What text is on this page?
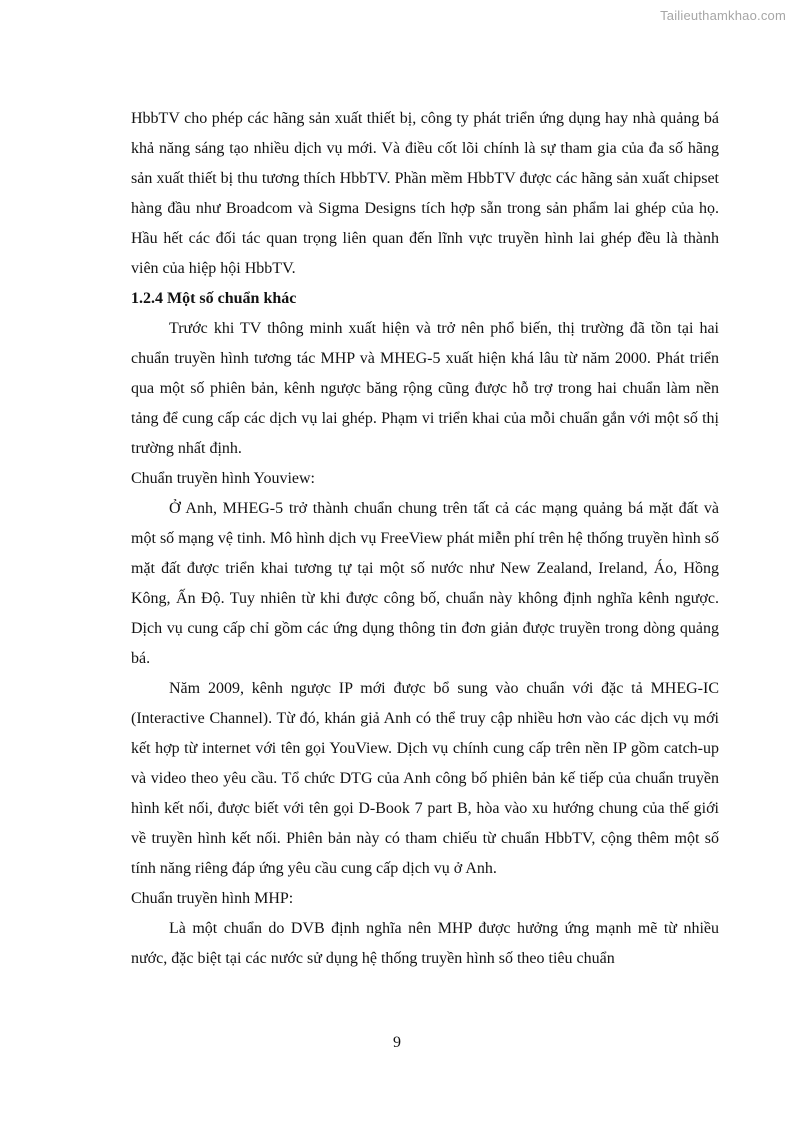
Tailieuthamkhao.com

HbbTV cho phép các hãng sản xuất thiết bị, công ty phát triển ứng dụng hay nhà quảng bá khả năng sáng tạo nhiều dịch vụ mới. Và điều cốt lõi chính là sự tham gia của đa số hãng sản xuất thiết bị thu tương thích HbbTV. Phần mềm HbbTV được các hãng sản xuất chipset hàng đầu như Broadcom và Sigma Designs tích hợp sẵn trong sản phẩm lai ghép của họ. Hầu hết các đối tác quan trọng liên quan đến lĩnh vực truyền hình lai ghép đều là thành viên của hiệp hội HbbTV.

1.2.4 Một số chuẩn khác

Trước khi TV thông minh xuất hiện và trở nên phổ biến, thị trường đã tồn tại hai chuẩn truyền hình tương tác MHP và MHEG-5 xuất hiện khá lâu từ năm 2000. Phát triển qua một số phiên bản, kênh ngược băng rộng cũng được hỗ trợ trong hai chuẩn làm nền tảng để cung cấp các dịch vụ lai ghép. Phạm vi triển khai của mỗi chuẩn gắn với một số thị trường nhất định.

Chuẩn truyền hình Youview:

Ở Anh, MHEG-5 trở thành chuẩn chung trên tất cả các mạng quảng bá mặt đất và một số mạng vệ tinh. Mô hình dịch vụ FreeView phát miễn phí trên hệ thống truyền hình số mặt đất được triển khai tương tự tại một số nước như New Zealand, Ireland, Áo, Hồng Kông, Ấn Độ. Tuy nhiên từ khi được công bố, chuẩn này không định nghĩa kênh ngược. Dịch vụ cung cấp chỉ gồm các ứng dụng thông tin đơn giản được truyền trong dòng quảng bá.

Năm 2009, kênh ngược IP mới được bổ sung vào chuẩn với đặc tả MHEG-IC (Interactive Channel). Từ đó, khán giả Anh có thể truy cập nhiều hơn vào các dịch vụ mới kết hợp từ internet với tên gọi YouView. Dịch vụ chính cung cấp trên nền IP gồm catch-up và video theo yêu cầu. Tổ chức DTG của Anh công bố phiên bản kế tiếp của chuẩn truyền hình kết nối, được biết với tên gọi D-Book 7 part B, hòa vào xu hướng chung của thế giới về truyền hình kết nối. Phiên bản này có tham chiếu từ chuẩn HbbTV, cộng thêm một số tính năng riêng đáp ứng yêu cầu cung cấp dịch vụ ở Anh.

Chuẩn truyền hình MHP:

Là một chuẩn do DVB định nghĩa nên MHP được hưởng ứng mạnh mẽ từ nhiều nước, đặc biệt tại các nước sử dụng hệ thống truyền hình số theo tiêu chuẩn

9
